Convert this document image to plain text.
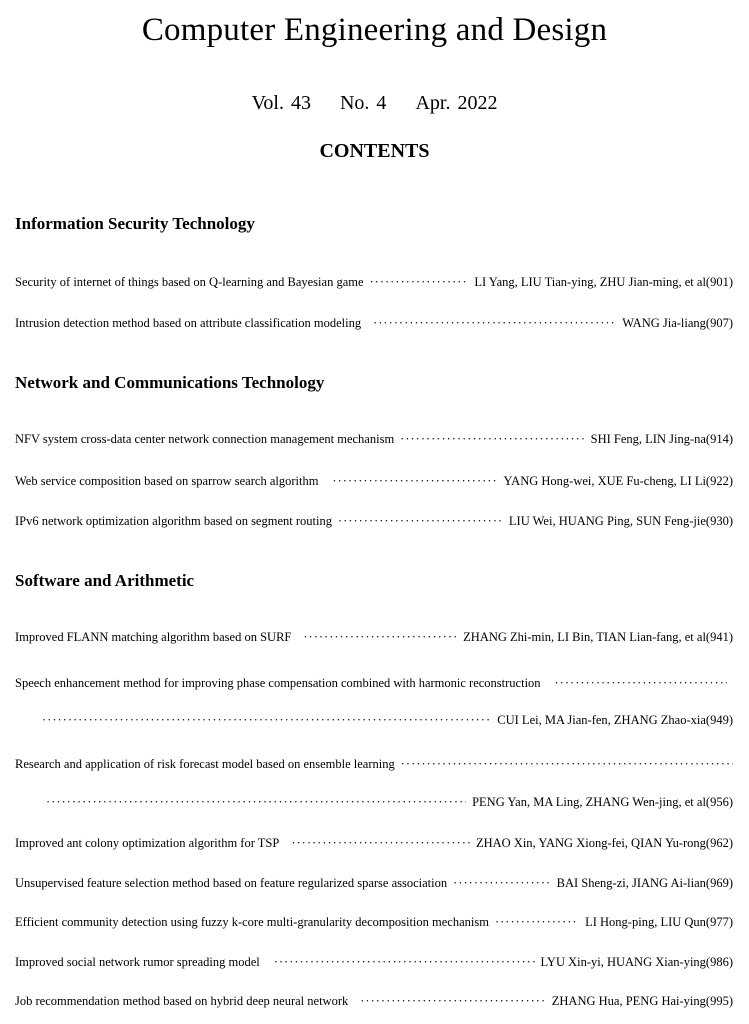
Computer Engineering and Design
Vol. 43 No. 4 Apr. 2022
CONTENTS
Information Security Technology
Security of internet of things based on Q-learning and Bayesian game ·····	LI Yang, LIU Tian-ying, ZHU Jian-ming, et al(901)
Intrusion detection method based on attribute classification modeling ·····	WANG Jia-liang(907)
Network and Communications Technology
NFV system cross-data center network connection management mechanism ·····	SHI Feng, LIN Jing-na(914)
Web service composition based on sparrow search algorithm ·····	YANG Hong-wei, XUE Fu-cheng, LI Li(922)
IPv6 network optimization algorithm based on segment routing ·····	LIU Wei, HUANG Ping, SUN Feng-jie(930)
Software and Arithmetic
Improved FLANN matching algorithm based on SURF ·····	ZHANG Zhi-min, LI Bin, TIAN Lian-fang, et al(941)
Speech enhancement method for improving phase compensation combined with harmonic reconstruction
·····
·····
CUI Lei, MA Jian-fen, ZHANG Zhao-xia(949)
Research and application of risk forecast model based on ensemble learning
·····
·····
PENG Yan, MA Ling, ZHANG Wen-jing, et al(956)
Improved ant colony optimization algorithm for TSP ·····	ZHAO Xin, YANG Xiong-fei, QIAN Yu-rong(962)
Unsupervised feature selection method based on feature regularized sparse association ·····	BAI Sheng-zi, JIANG Ai-lian(969)
Efficient community detection using fuzzy k-core multi-granularity decomposition mechanism ·····	LI Hong-ping, LIU Qun(977)
Improved social network rumor spreading model ·····	LYU Xin-yi, HUANG Xian-ying(986)
Job recommendation method based on hybrid deep neural network ·····	ZHANG Hua, PENG Hai-ying(995)
